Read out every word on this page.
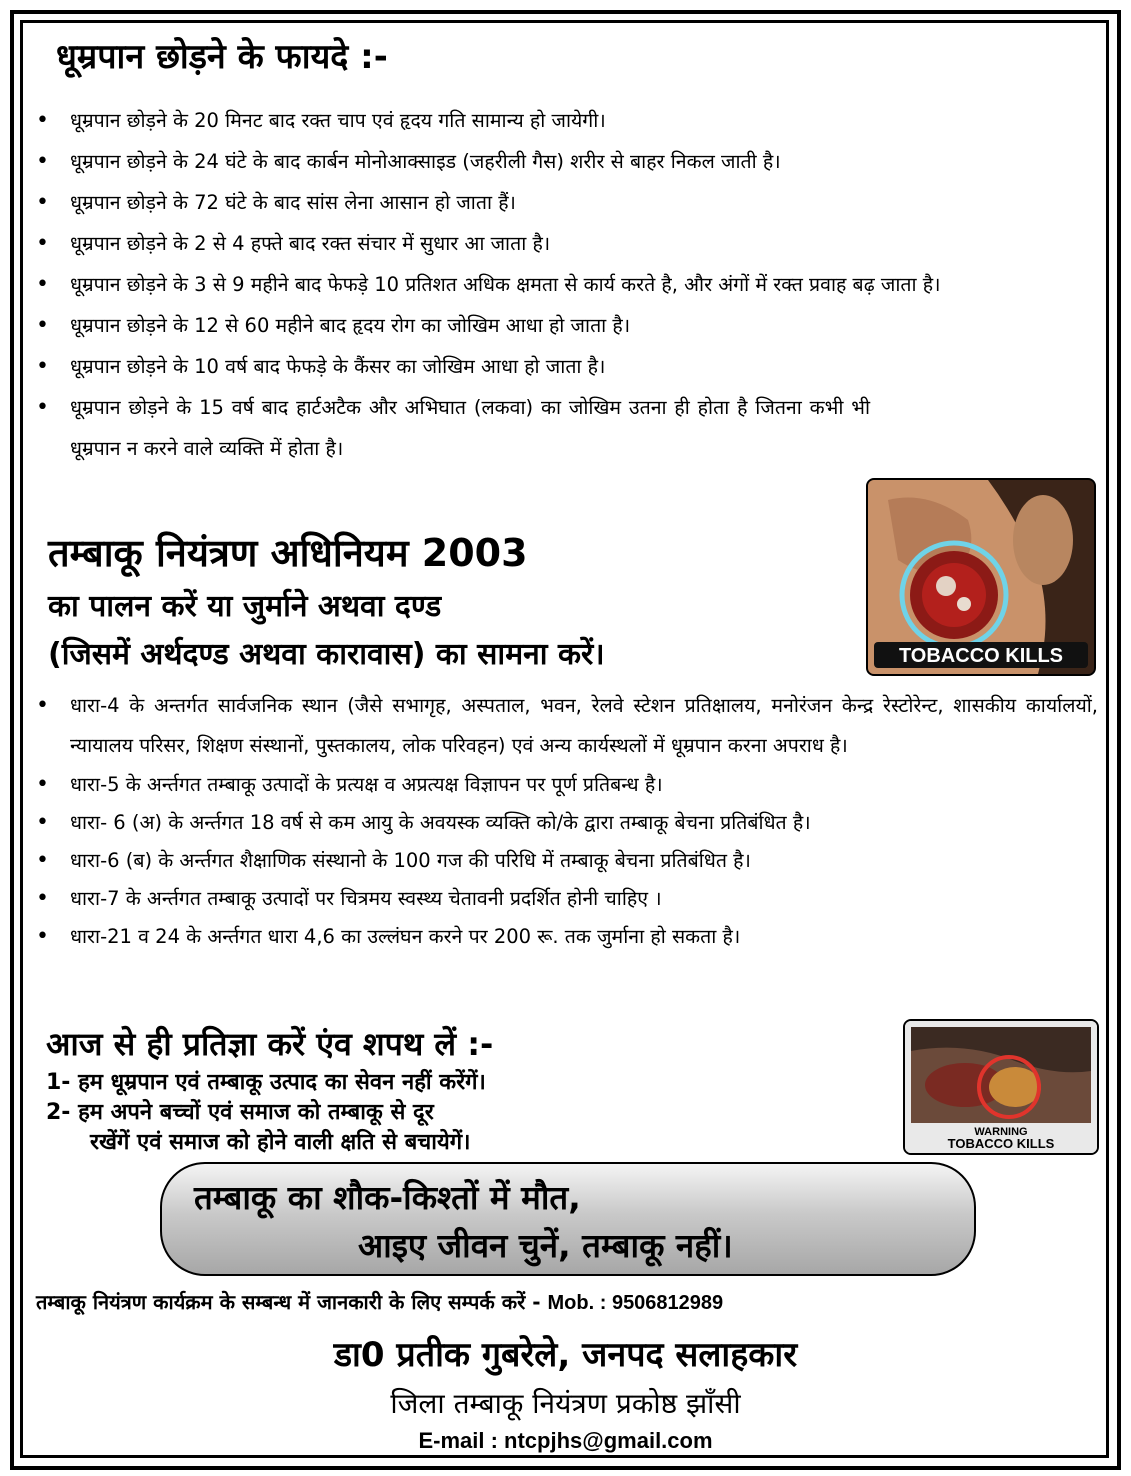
धूम्रपान छोड़ने के फायदे :-
• धूम्रपान छोड़ने के 20 मिनट बाद रक्त चाप एवं हृदय गति सामान्य हो जायेगी।
• धूम्रपान छोड़ने के 24 घंटे के बाद कार्बन मोनोआक्साइड (जहरीली गैस) शरीर से बाहर निकल जाती है।
• धूम्रपान छोड़ने के 72 घंटे के बाद सांस लेना आसान हो जाता हैं।
• धूम्रपान छोड़ने के 2 से 4 हफ्ते बाद रक्त संचार में सुधार आ जाता है।
• धूम्रपान छोड़ने के 3 से 9 महीने बाद फेफड़े 10 प्रतिशत अधिक क्षमता से कार्य करते है, और अंगों में रक्त प्रवाह बढ़ जाता है।
• धूम्रपान छोड़ने के 12 से 60 महीने बाद हृदय रोग का जोखिम आधा हो जाता है।
• धूम्रपान छोड़ने के 10 वर्ष बाद फेफड़े के कैंसर का जोखिम आधा हो जाता है।
• धूम्रपान छोड़ने के 15 वर्ष बाद हार्टअटैक और अभिघात (लकवा) का जोखिम उतना ही होता है जितना कभी भी धूम्रपान न करने वाले व्यक्ति में होता है।
तम्बाकू नियंत्रण अधिनियम 2003
का पालन करें या जुर्माने अथवा दण्ड
(जिसमें अर्थदण्ड अथवा कारावास) का सामना करें।	TOBACCO KILLS
• धारा-4 के अन्तर्गत सार्वजनिक स्थान (जैसे सभागृह, अस्पताल, भवन, रेलवे स्टेशन प्रतिक्षालय, मनोरंजन केन्द्र रेस्टोरेन्ट, शासकीय कार्यालयों, न्यायालय परिसर, शिक्षण संस्थानों, पुस्तकालय, लोक परिवहन) एवं अन्य कार्यस्थलों में धूम्रपान करना अपराध है।
• धारा-5 के अर्न्तगत तम्बाकू उत्पादों के प्रत्यक्ष व अप्रत्यक्ष विज्ञापन पर पूर्ण प्रतिबन्ध है।
• धारा- 6 (अ) के अर्न्तगत 18 वर्ष से कम आयु के अवयस्क व्यक्ति को/के द्वारा तम्बाकू बेचना प्रतिबंधित है।
• धारा-6 (ब) के अर्न्तगत शैक्षाणिक संस्थानो के 100 गज की परिधि में तम्बाकू बेचना प्रतिबंधित है।
• धारा-7 के अर्न्तगत तम्बाकू उत्पादों पर चित्रमय स्वस्थ्य चेतावनी प्रदर्शित होनी चाहिए ।
• धारा-21 व 24 के अर्न्तगत धारा 4,6 का उल्लंघन करने पर 200 रू. तक जुर्माना हो सकता है।
आज से ही प्रतिज्ञा करें एंव शपथ लें :-
1- हम धूम्रपान एवं तम्बाकू उत्पाद का सेवन नहीं करेंगें।
2- हम अपने बच्चों एवं समाज को तम्बाकू से दूर
रखेंगें एवं समाज को होने वाली क्षति से बचायेगें।	WARNING
TOBACCO KILLS
तम्बाकू का शौक-किश्तों में मौत,
आइए जीवन चुनें, तम्बाकू नहीं।
तम्बाकू नियंत्रण कार्यक्रम के सम्बन्ध में जानकारी के लिए सम्पर्क करें - Mob. : 9506812989
डा0 प्रतीक गुबरेले, जनपद सलाहकार
जिला तम्बाकू नियंत्रण प्रकोष्ठ झाँसी
E-mail : ntcpjhs@gmail.com
